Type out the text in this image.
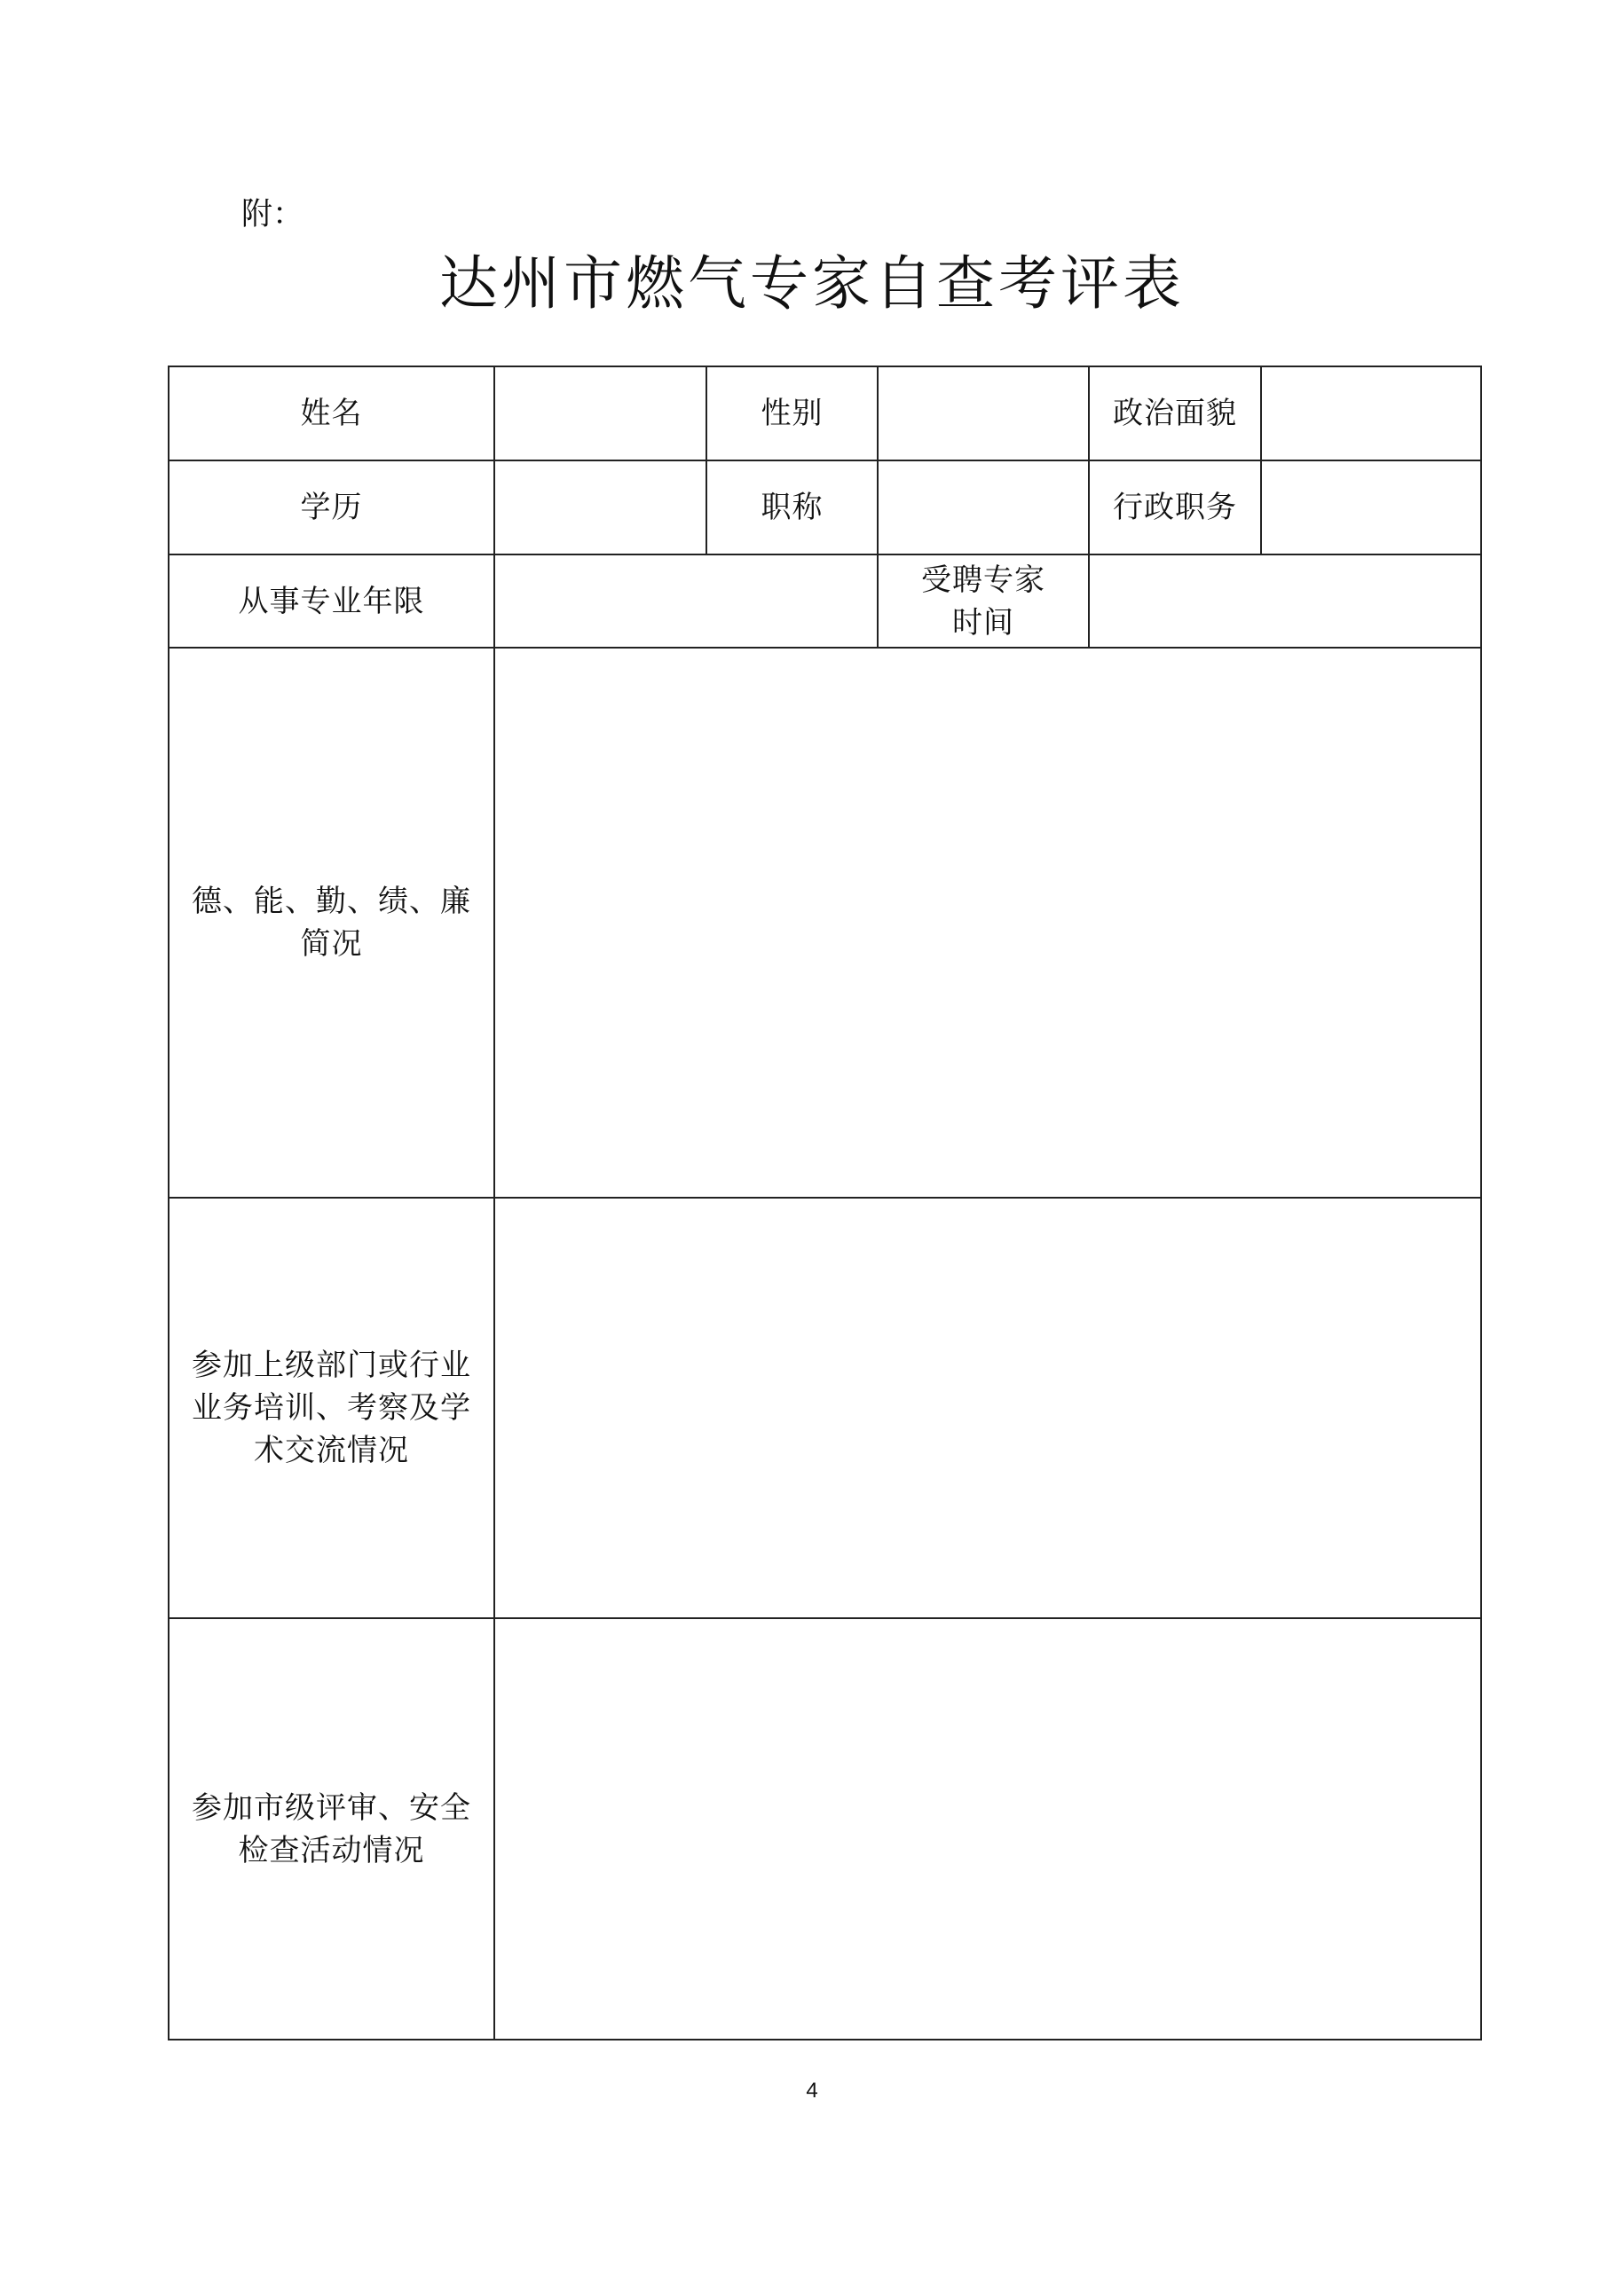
附：
达州市燃气专家自查考评表
姓名		性别		政治面貌	
学历		职称		行政职务	
从事专业年限			受聘专家
时间		

德、能、勤、绩、廉
简况					

参加上级部门或行业
业务培训、考察及学
术交流情况					

参加市级评审、安全
检查活动情况					

4
